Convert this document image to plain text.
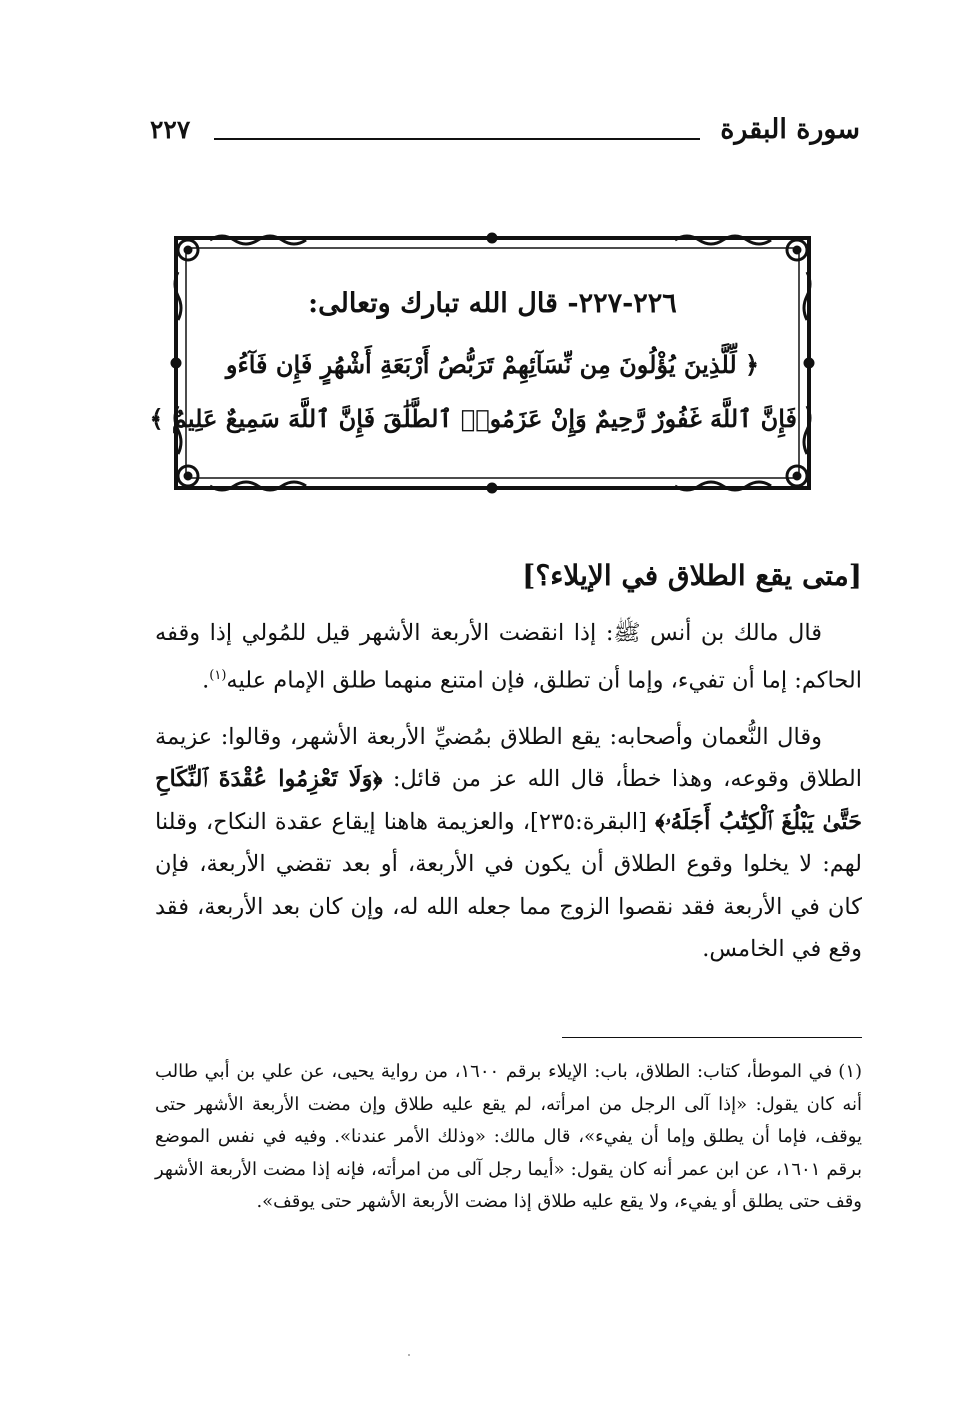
سورة البقرة
٢٢٧
٢٢٦-٢٢٧- قال الله تبارك وتعالى:
﴿ لِّلَّذِينَ يُؤْلُونَ مِن نِّسَآئِهِمْ تَرَبُّصُ أَرْبَعَةِ أَشْهُرٍ فَإِن فَآءُو
فَإِنَّ ٱللَّهَ غَفُورٌ رَّحِيمٌ وَإِنْ عَزَمُوا۟ ٱلطَّلَٰقَ فَإِنَّ ٱللَّهَ سَمِيعٌ عَلِيمٌ ﴾
[متى يقع الطلاق في الإيلاء؟]

قال مالك بن أنس ﷺ: إذا انقضت الأربعة الأشهر قيل للمُولي إذا وقفه الحاكم: إما أن تفيء، وإما أن تطلق، فإن امتنع منهما طلق الإمام عليه$^{(١)}$.

وقال النُّعمان وأصحابه: يقع الطلاق بمُضيِّ الأربعة الأشهر، وقالوا: عزيمة الطلاق وقوعه، وهذا خطأ، قال الله عز من قائل: ﴿وَلَا تَعْزِمُوا عُقْدَةَ ٱلنِّكَاحِ حَتَّىٰ يَبْلُغَ ٱلْكِتَٰبُ أَجَلَهُۥ﴾ [البقرة:٢٣٥]، والعزيمة هاهنا إيقاع عقدة النكاح، وقلنا لهم: لا يخلوا وقوع الطلاق أن يكون في الأربعة، أو بعد تقضي الأربعة، فإن كان في الأربعة فقد نقصوا الزوج مما جعله الله له، وإن كان بعد الأربعة، فقد وقع في الخامس.

(١)في الموطأ، كتاب: الطلاق، باب: الإيلاء برقم ١٦٠٠، من رواية يحيى، عن علي بن أبي طالب أنه كان يقول: «إذا آلى الرجل من امرأته، لم يقع عليه طلاق وإن مضت الأربعة الأشهر حتى يوقف، فإما أن يطلق وإما أن يفيء»، قال مالك: «وذلك الأمر عندنا». وفيه في نفس الموضع برقم ١٦٠١، عن ابن عمر أنه كان يقول: «أيما رجل آلى من امرأته، فإنه إذا مضت الأربعة الأشهر وقف حتى يطلق أو يفيء، ولا يقع عليه طلاق إذا مضت الأربعة الأشهر حتى يوقف».
